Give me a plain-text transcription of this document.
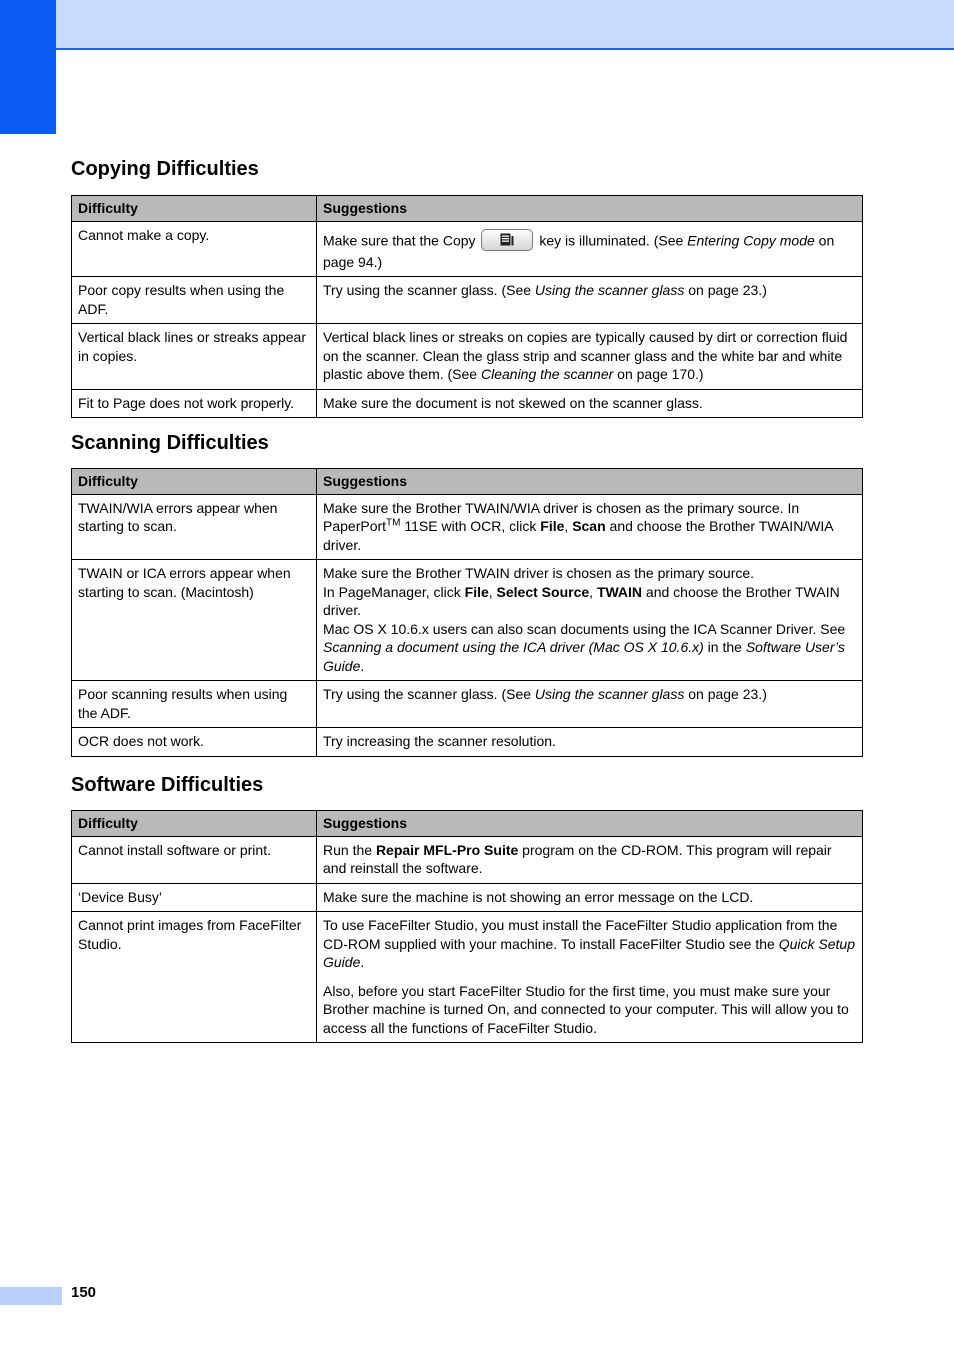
Copying Difficulties
Difficulty	Suggestions
Cannot make a copy.	Make sure that the Copy key is illuminated. (See Entering Copy mode on page 94.)
Poor copy results when using the ADF.	Try using the scanner glass. (See Using the scanner glass on page 23.)
Vertical black lines or streaks appear in copies.	Vertical black lines or streaks on copies are typically caused by dirt or correction fluid on the scanner. Clean the glass strip and scanner glass and the white bar and white plastic above them. (See Cleaning the scanner on page 170.)
Fit to Page does not work properly.	Make sure the document is not skewed on the scanner glass.
Scanning Difficulties
Difficulty	Suggestions
TWAIN/WIA errors appear when starting to scan.	Make sure the Brother TWAIN/WIA driver is chosen as the primary source. In PaperPort™ 11SE with OCR, click File, Scan and choose the Brother TWAIN/WIA driver.
TWAIN or ICA errors appear when starting to scan. (Macintosh)	Make sure the Brother TWAIN driver is chosen as the primary source.
In PageManager, click File, Select Source, TWAIN and choose the Brother TWAIN driver.
Mac OS X 10.6.x users can also scan documents using the ICA Scanner Driver. See Scanning a document using the ICA driver (Mac OS X 10.6.x) in the Software User’s Guide.

Poor scanning results when using the ADF.	Try using the scanner glass. (See Using the scanner glass on page 23.)
OCR does not work.	Try increasing the scanner resolution.
Software Difficulties
Difficulty	Suggestions
Cannot install software or print.	Run the Repair MFL-Pro Suite program on the CD-ROM. This program will repair and reinstall the software.
‘Device Busy’	Make sure the machine is not showing an error message on the LCD.
Cannot print images from FaceFilter Studio.	To use FaceFilter Studio, you must install the FaceFilter Studio application from the CD-ROM supplied with your machine. To install FaceFilter Studio see the Quick Setup Guide.
Also, before you start FaceFilter Studio for the first time, you must make sure your Brother machine is turned On, and connected to your computer. This will allow you to access all the functions of FaceFilter Studio.
150
